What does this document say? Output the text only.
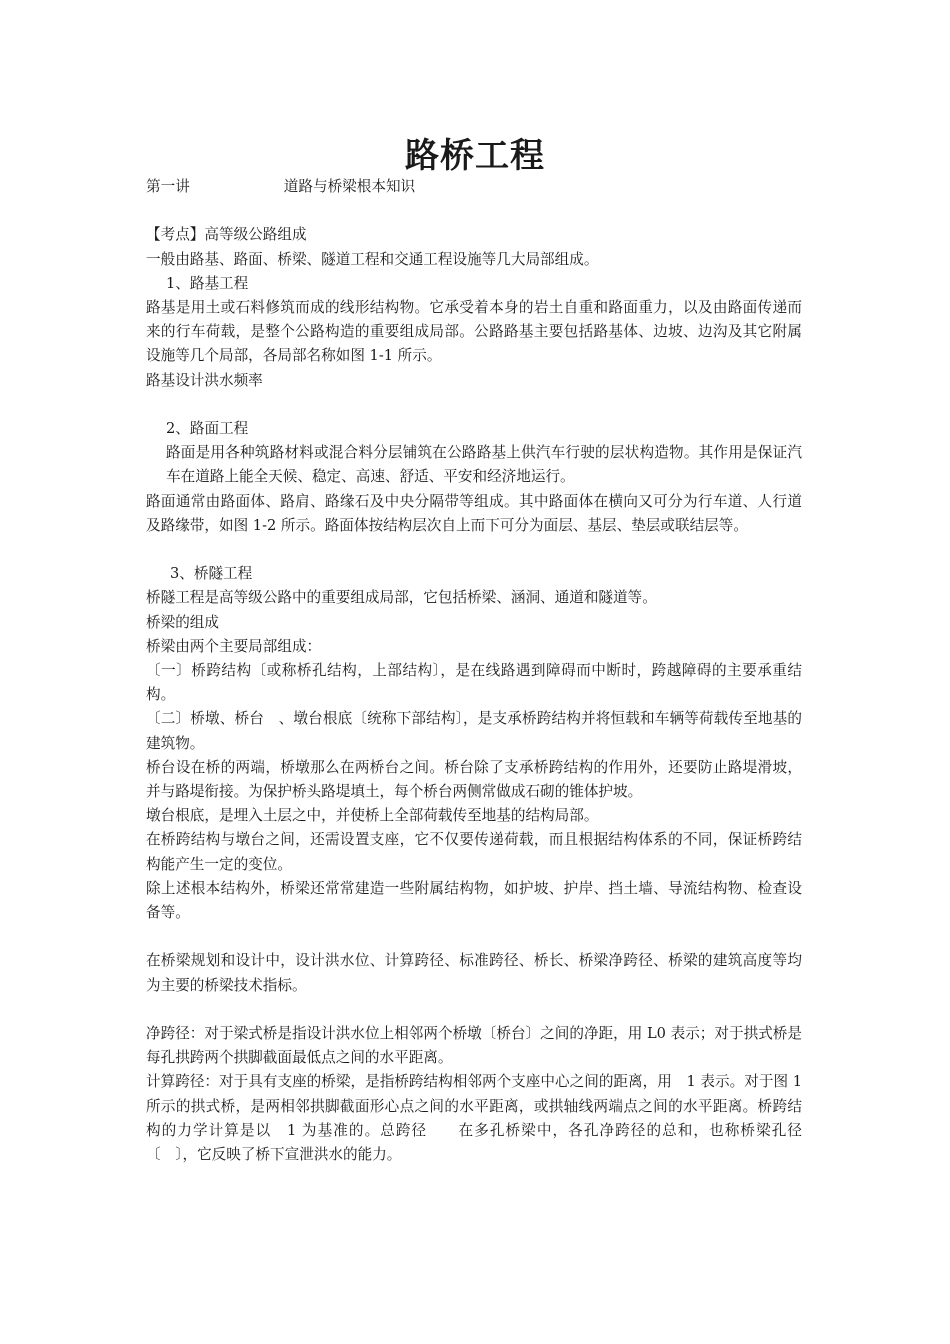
路桥工程

第一讲	道路与桥梁根本知识

【考点】高等级公路组成

一般由路基、路面、桥梁、隧道工程和交通工程设施等几大局部组成。

1、路基工程

路基是用土或石料修筑而成的线形结构物。它承受着本身的岩土自重和路面重力，以及由路面传递而来的行车荷载，是整个公路构造的重要组成局部。公路路基主要包括路基体、边坡、边沟及其它附属设施等几个局部，各局部名称如图 1-1 所示。

路基设计洪水频率

2、路面工程

路面是用各种筑路材料或混合料分层铺筑在公路路基上供汽车行驶的层状构造物。其作用是保证汽车在道路上能全天候、稳定、高速、舒适、平安和经济地运行。

路面通常由路面体、路肩、路缘石及中央分隔带等组成。其中路面体在横向又可分为行车道、人行道及路缘带，如图 1-2 所示。路面体按结构层次自上而下可分为面层、基层、垫层或联结层等。

3、桥隧工程

桥隧工程是高等级公路中的重要组成局部，它包括桥梁、涵洞、通道和隧道等。

桥梁的组成

桥梁由两个主要局部组成：

〔一〕桥跨结构〔或称桥孔结构，上部结构〕，是在线路遇到障碍而中断时，跨越障碍的主要承重结构。

〔二〕桥墩、桥台　、墩台根底〔统称下部结构〕，是支承桥跨结构并将恒载和车辆等荷载传至地基的建筑物。

桥台设在桥的两端，桥墩那么在两桥台之间。桥台除了支承桥跨结构的作用外，还要防止路堤滑坡，并与路堤衔接。为保护桥头路堤填土，每个桥台两侧常做成石砌的锥体护坡。

墩台根底，是埋入土层之中，并使桥上全部荷载传至地基的结构局部。

在桥跨结构与墩台之间，还需设置支座，它不仅要传递荷载，而且根据结构体系的不同，保证桥跨结构能产生一定的变位。

除上述根本结构外，桥梁还常常建造一些附属结构物，如护坡、护岸、挡土墙、导流结构物、检查设备等。

在桥梁规划和设计中，设计洪水位、计算跨径、标准跨径、桥长、桥梁净跨径、桥梁的建筑高度等均为主要的桥梁技术指标。

净跨径：对于梁式桥是指设计洪水位上相邻两个桥墩〔桥台〕之间的净距，用 L0 表示；对于拱式桥是每孔拱跨两个拱脚截面最低点之间的水平距离。

计算跨径：对于具有支座的桥梁，是指桥跨结构相邻两个支座中心之间的距离，用　1 表示。对于图 1 所示的拱式桥，是两相邻拱脚截面形心点之间的水平距离，或拱轴线两端点之间的水平距离。桥跨结构的力学计算是以　1 为基准的。总跨径　　在多孔桥梁中，各孔净跨径的总和，也称桥梁孔径〔　〕，它反映了桥下宣泄洪水的能力。
